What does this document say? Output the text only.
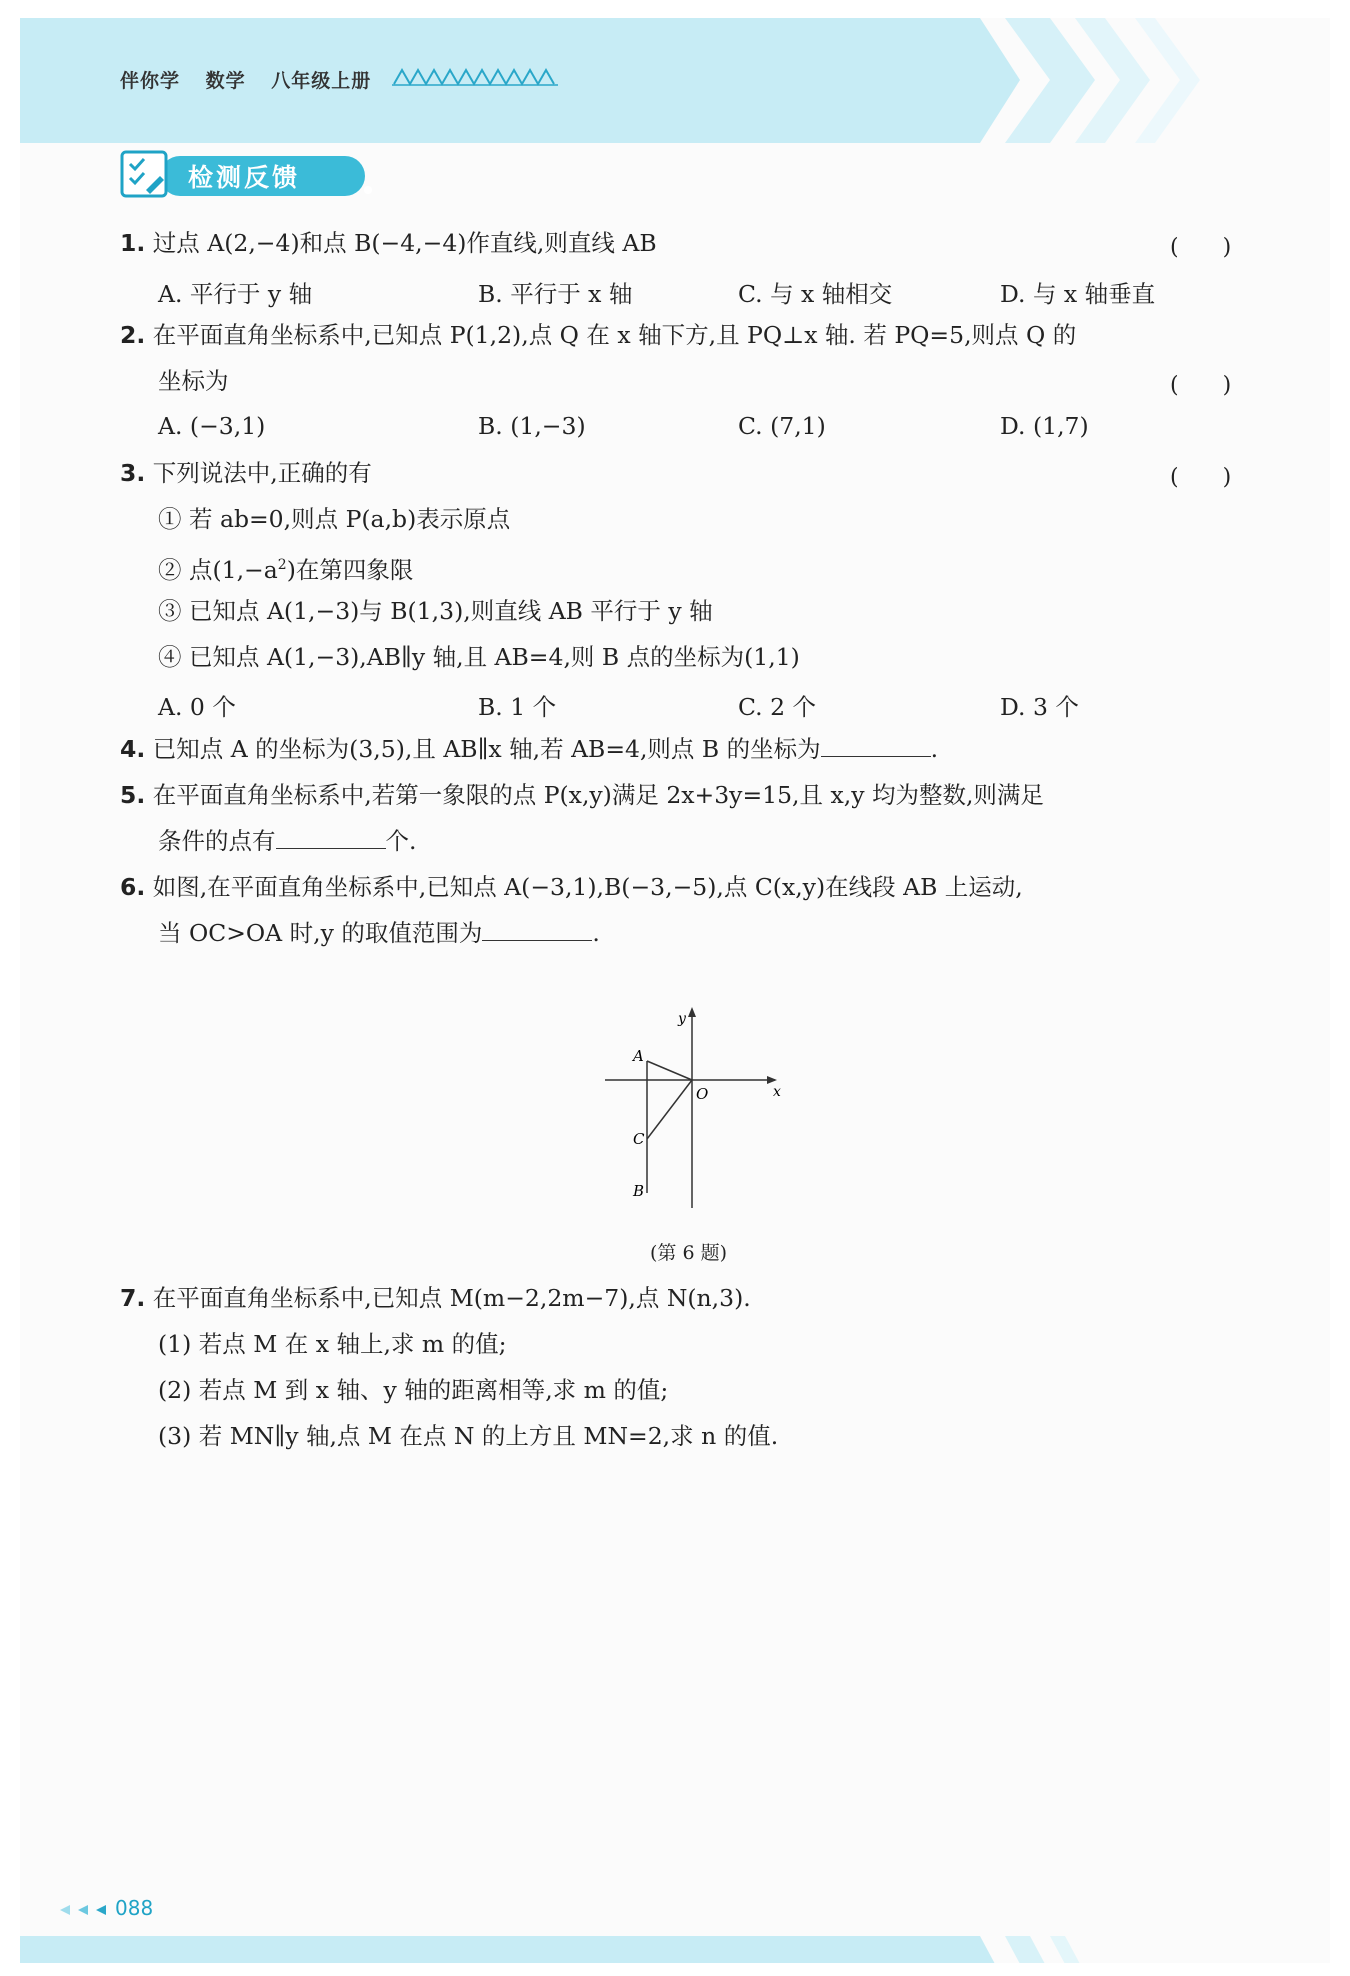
伴你学 数学 八年级上册
检测反馈
1. 过点 A(2,−4)和点 B(−4,−4)作直线,则直线 AB	(　　)
A. 平行于 y 轴	B. 平行于 x 轴	C. 与 x 轴相交	D. 与 x 轴垂直
2. 在平面直角坐标系中,已知点 P(1,2),点 Q 在 x 轴下方,且 PQ⊥x 轴. 若 PQ=5,则点 Q 的
坐标为	(　　)
A. (−3,1)	B. (1,−3)	C. (7,1)	D. (1,7)
3. 下列说法中,正确的有	(　　)
① 若 ab=0,则点 P(a,b)表示原点
② 点$(1,-a^2)$在第四象限
③ 已知点 A(1,−3)与 B(1,3),则直线 AB 平行于 y 轴
④ 已知点 A(1,−3),AB∥y 轴,且 AB=4,则 B 点的坐标为(1,1)
A. 0 个	B. 1 个	C. 2 个	D. 3 个
4. 已知点 A 的坐标为(3,5),且 AB∥x 轴,若 AB=4,则点 B 的坐标为	.
5. 在平面直角坐标系中,若第一象限的点 P(x,y)满足 2x+3y=15,且 x,y 均为整数,则满足
条件的点有	个.
6. 如图,在平面直角坐标系中,已知点 A(−3,1),B(−3,−5),点 C(x,y)在线段 AB 上运动,
当 OC>OA 时,y 的取值范围为	.
y
x
O
A
C
B
(第 6 题)
7. 在平面直角坐标系中,已知点 M(m−2,2m−7),点 N(n,3).
(1) 若点 M 在 x 轴上,求 m 的值;
(2) 若点 M 到 x 轴、y 轴的距离相等,求 m 的值;
(3) 若 MN∥y 轴,点 M 在点 N 的上方且 MN=2,求 n 的值.
088
